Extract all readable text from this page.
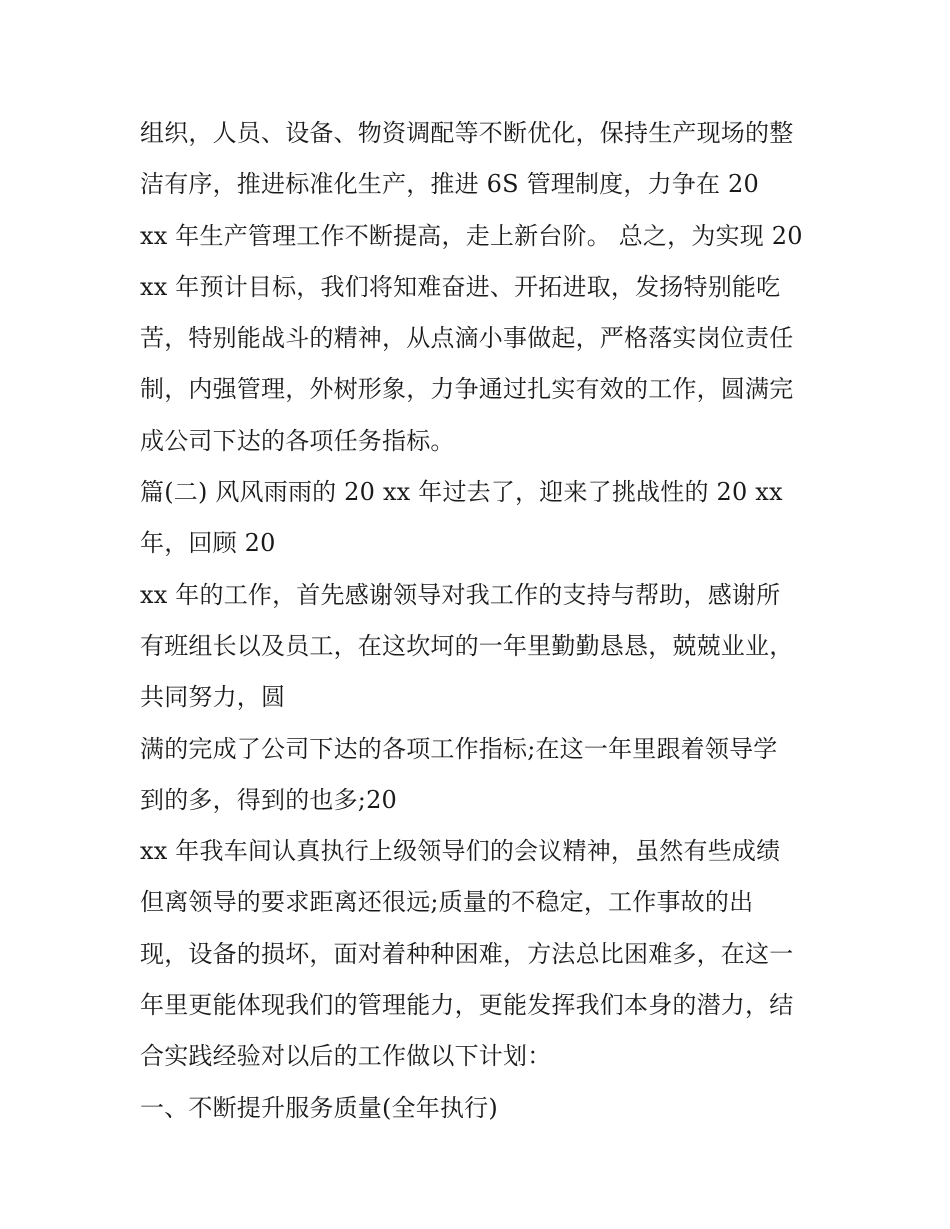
组织，人员、设备、物资调配等不断优化，保持生产现场的整
洁有序，推进标准化生产，推进 6S 管理制度，力争在 20
xx 年生产管理工作不断提高，走上新台阶。 总之，为实现 20
xx 年预计目标，我们将知难奋进、开拓进取，发扬特别能吃
苦，特别能战斗的精神，从点滴小事做起，严格落实岗位责任
制，内强管理，外树形象，力争通过扎实有效的工作，圆满完
成公司下达的各项任务指标。
篇(二) 风风雨雨的 20 xx 年过去了，迎来了挑战性的 20 xx
年，回顾 20
xx 年的工作，首先感谢领导对我工作的支持与帮助，感谢所
有班组长以及员工，在这坎坷的一年里勤勤恳恳，兢兢业业，
共同努力，圆
满的完成了公司下达的各项工作指标;在这一年里跟着领导学
到的多，得到的也多;20
xx 年我车间认真执行上级领导们的会议精神，虽然有些成绩
但离领导的要求距离还很远;质量的不稳定，工作事故的出
现，设备的损坏，面对着种种困难，方法总比困难多，在这一
年里更能体现我们的管理能力，更能发挥我们本身的潜力，结
合实践经验对以后的工作做以下计划：
一、不断提升服务质量(全年执行)
